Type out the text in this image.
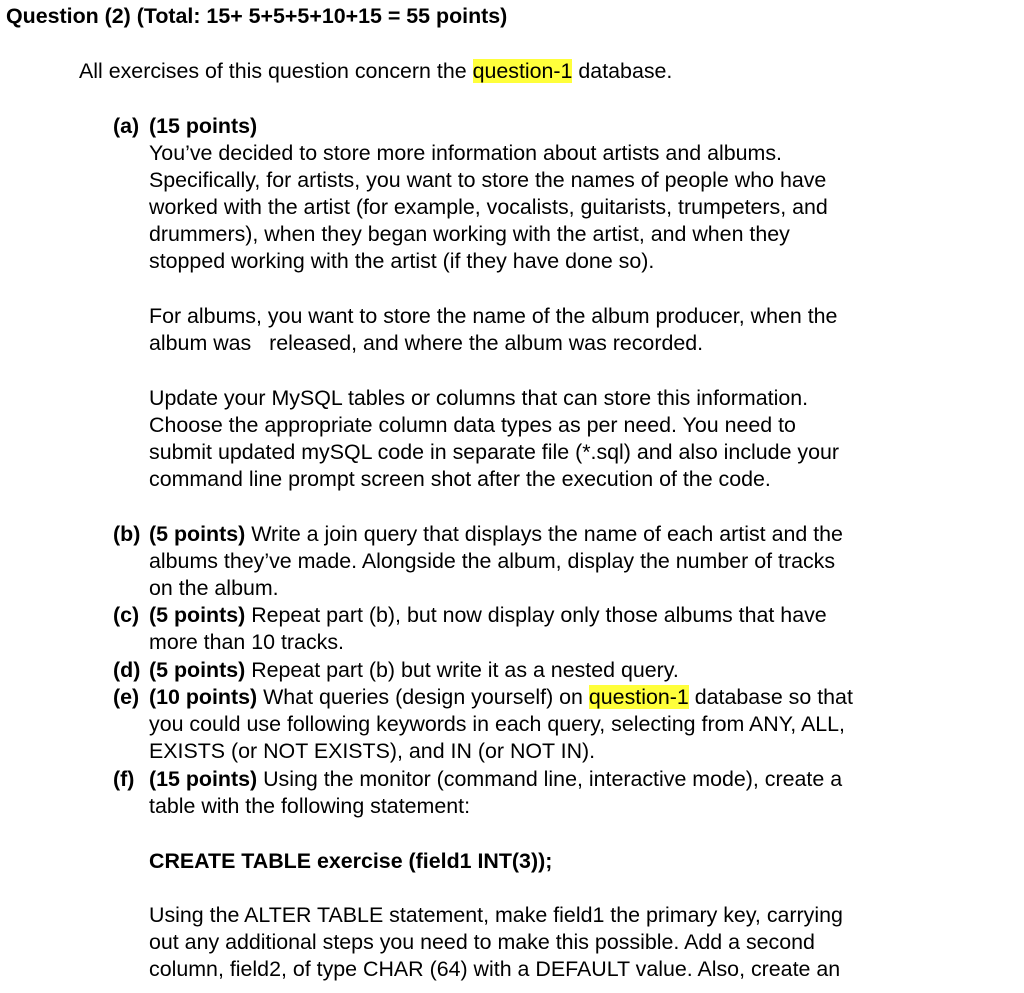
Question (2) (Total: 15+ 5+5+5+10+15 = 55 points)
All exercises of this question concern the question-1 database.
(a) (15 points)
You’ve decided to store more information about artists and albums.
Specifically, for artists, you want to store the names of people who have
worked with the artist (for example, vocalists, guitarists, trumpeters, and
drummers), when they began working with the artist, and when they
stopped working with the artist (if they have done so).
For albums, you want to store the name of the album producer, when the
album was   released, and where the album was recorded.
Update your MySQL tables or columns that can store this information.
Choose the appropriate column data types as per need. You need to
submit updated mySQL code in separate file (*.sql) and also include your
command line prompt screen shot after the execution of the code.
(b) (5 points) Write a join query that displays the name of each artist and the
albums they’ve made. Alongside the album, display the number of tracks
on the album.
(c) (5 points) Repeat part (b), but now display only those albums that have
more than 10 tracks.
(d) (5 points) Repeat part (b) but write it as a nested query.
(e) (10 points) What queries (design yourself) on question-1 database so that
you could use following keywords in each query, selecting from ANY, ALL,
EXISTS (or NOT EXISTS), and IN (or NOT IN).
(f) (15 points) Using the monitor (command line, interactive mode), create a
table with the following statement:
CREATE TABLE exercise (field1 INT(3));
Using the ALTER TABLE statement, make field1 the primary key, carrying
out any additional steps you need to make this possible. Add a second
column, field2, of type CHAR (64) with a DEFAULT value. Also, create an
